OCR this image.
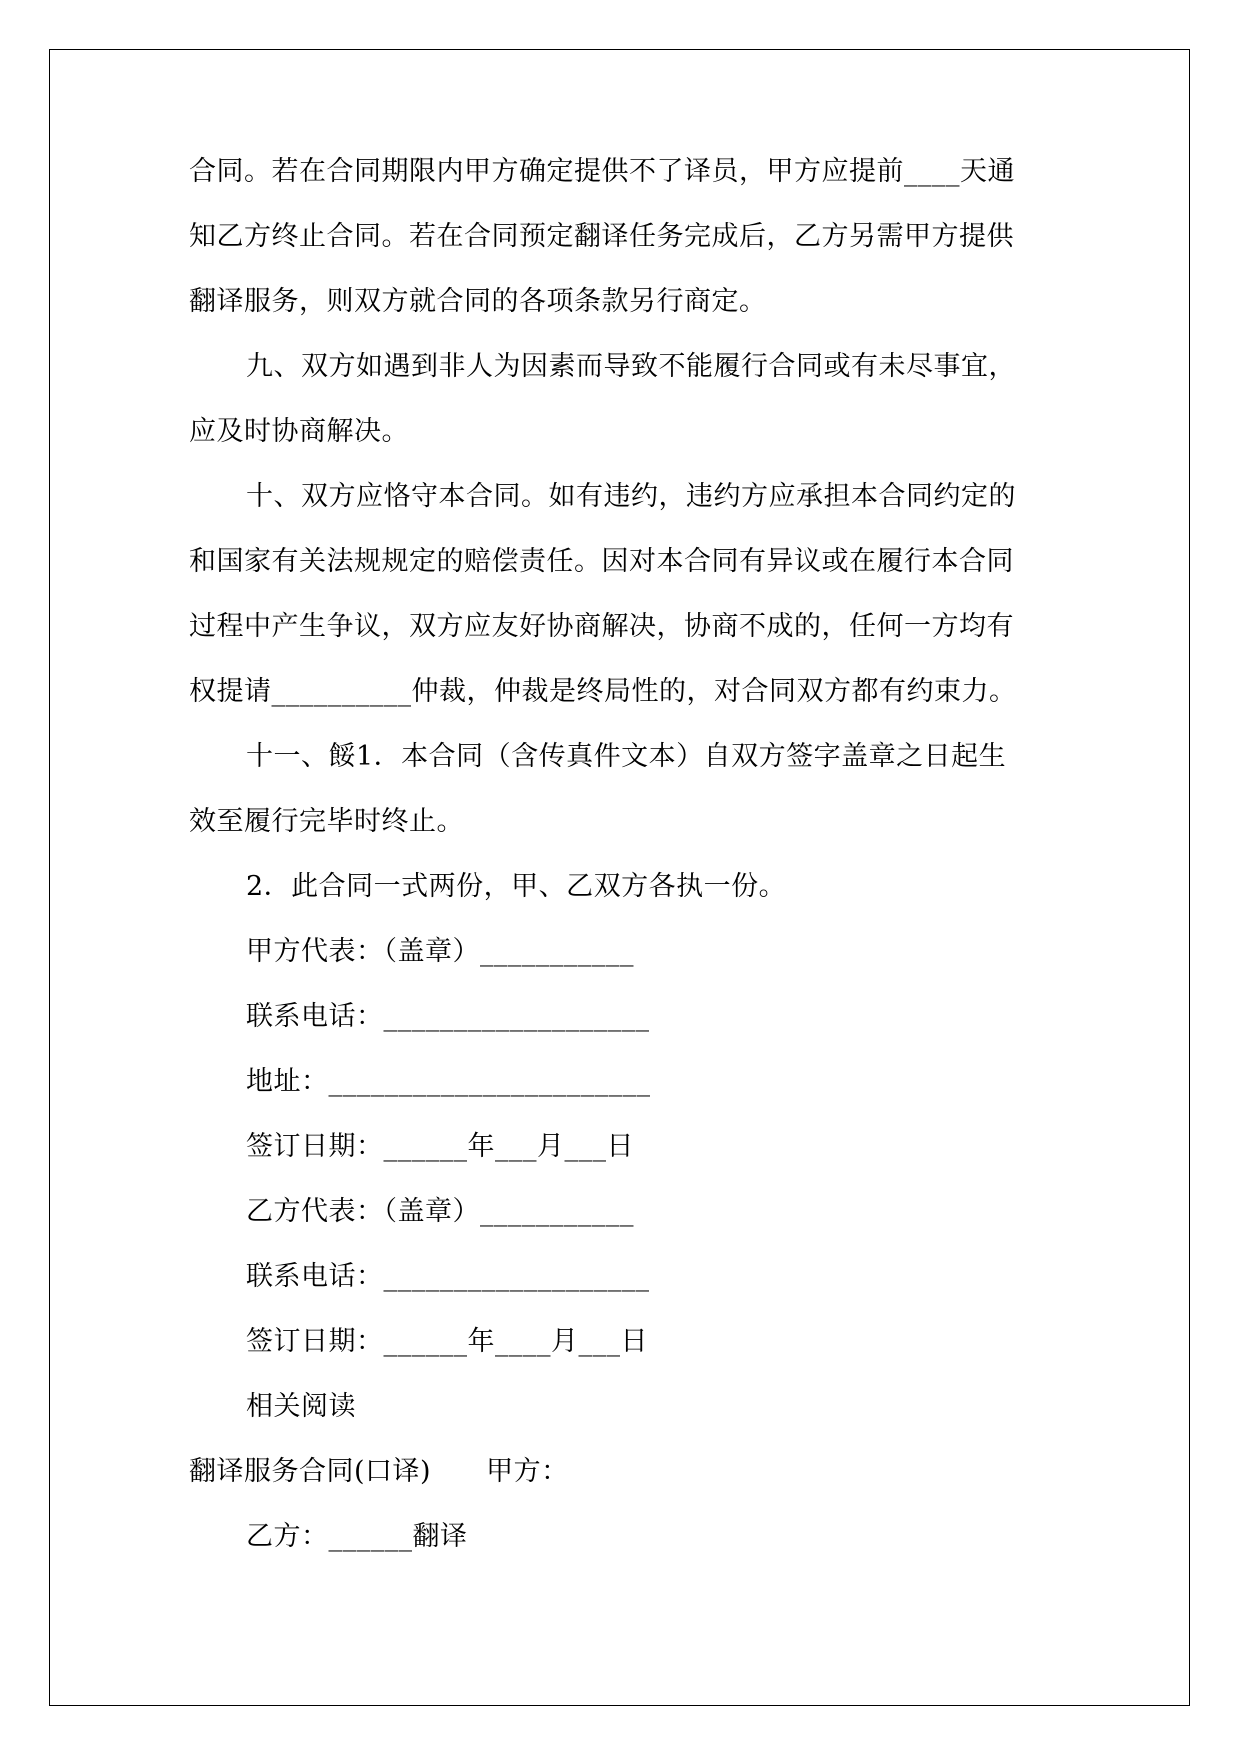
合同。若在合同期限内甲方确定提供不了译员，甲方应提前____天通
知乙方终止合同。若在合同预定翻译任务完成后，乙方另需甲方提供
翻译服务，则双方就合同的各项条款另行商定。
九、双方如遇到非人为因素而导致不能履行合同或有未尽事宜，
应及时协商解决。
十、双方应恪守本合同。如有违约，违约方应承担本合同约定的
和国家有关法规规定的赔偿责任。因对本合同有异议或在履行本合同
过程中产生争议，双方应友好协商解决，协商不成的，任何一方均有
权提请__________仲裁，仲裁是终局性的，对合同双方都有约束力。
十一、餒1．本合同（含传真件文本）自双方签字盖章之日起生
效至履行完毕时终止。
2．此合同一式两份，甲、乙双方各执一份。
甲方代表：（盖章）___________
联系电话：___________________
地址：_______________________
签订日期：______年___月___日
乙方代表：（盖章）___________
联系电话：___________________
签订日期：______年____月___日
相关阅读
翻译服务合同(口译)　　甲方：
乙方：______翻译
